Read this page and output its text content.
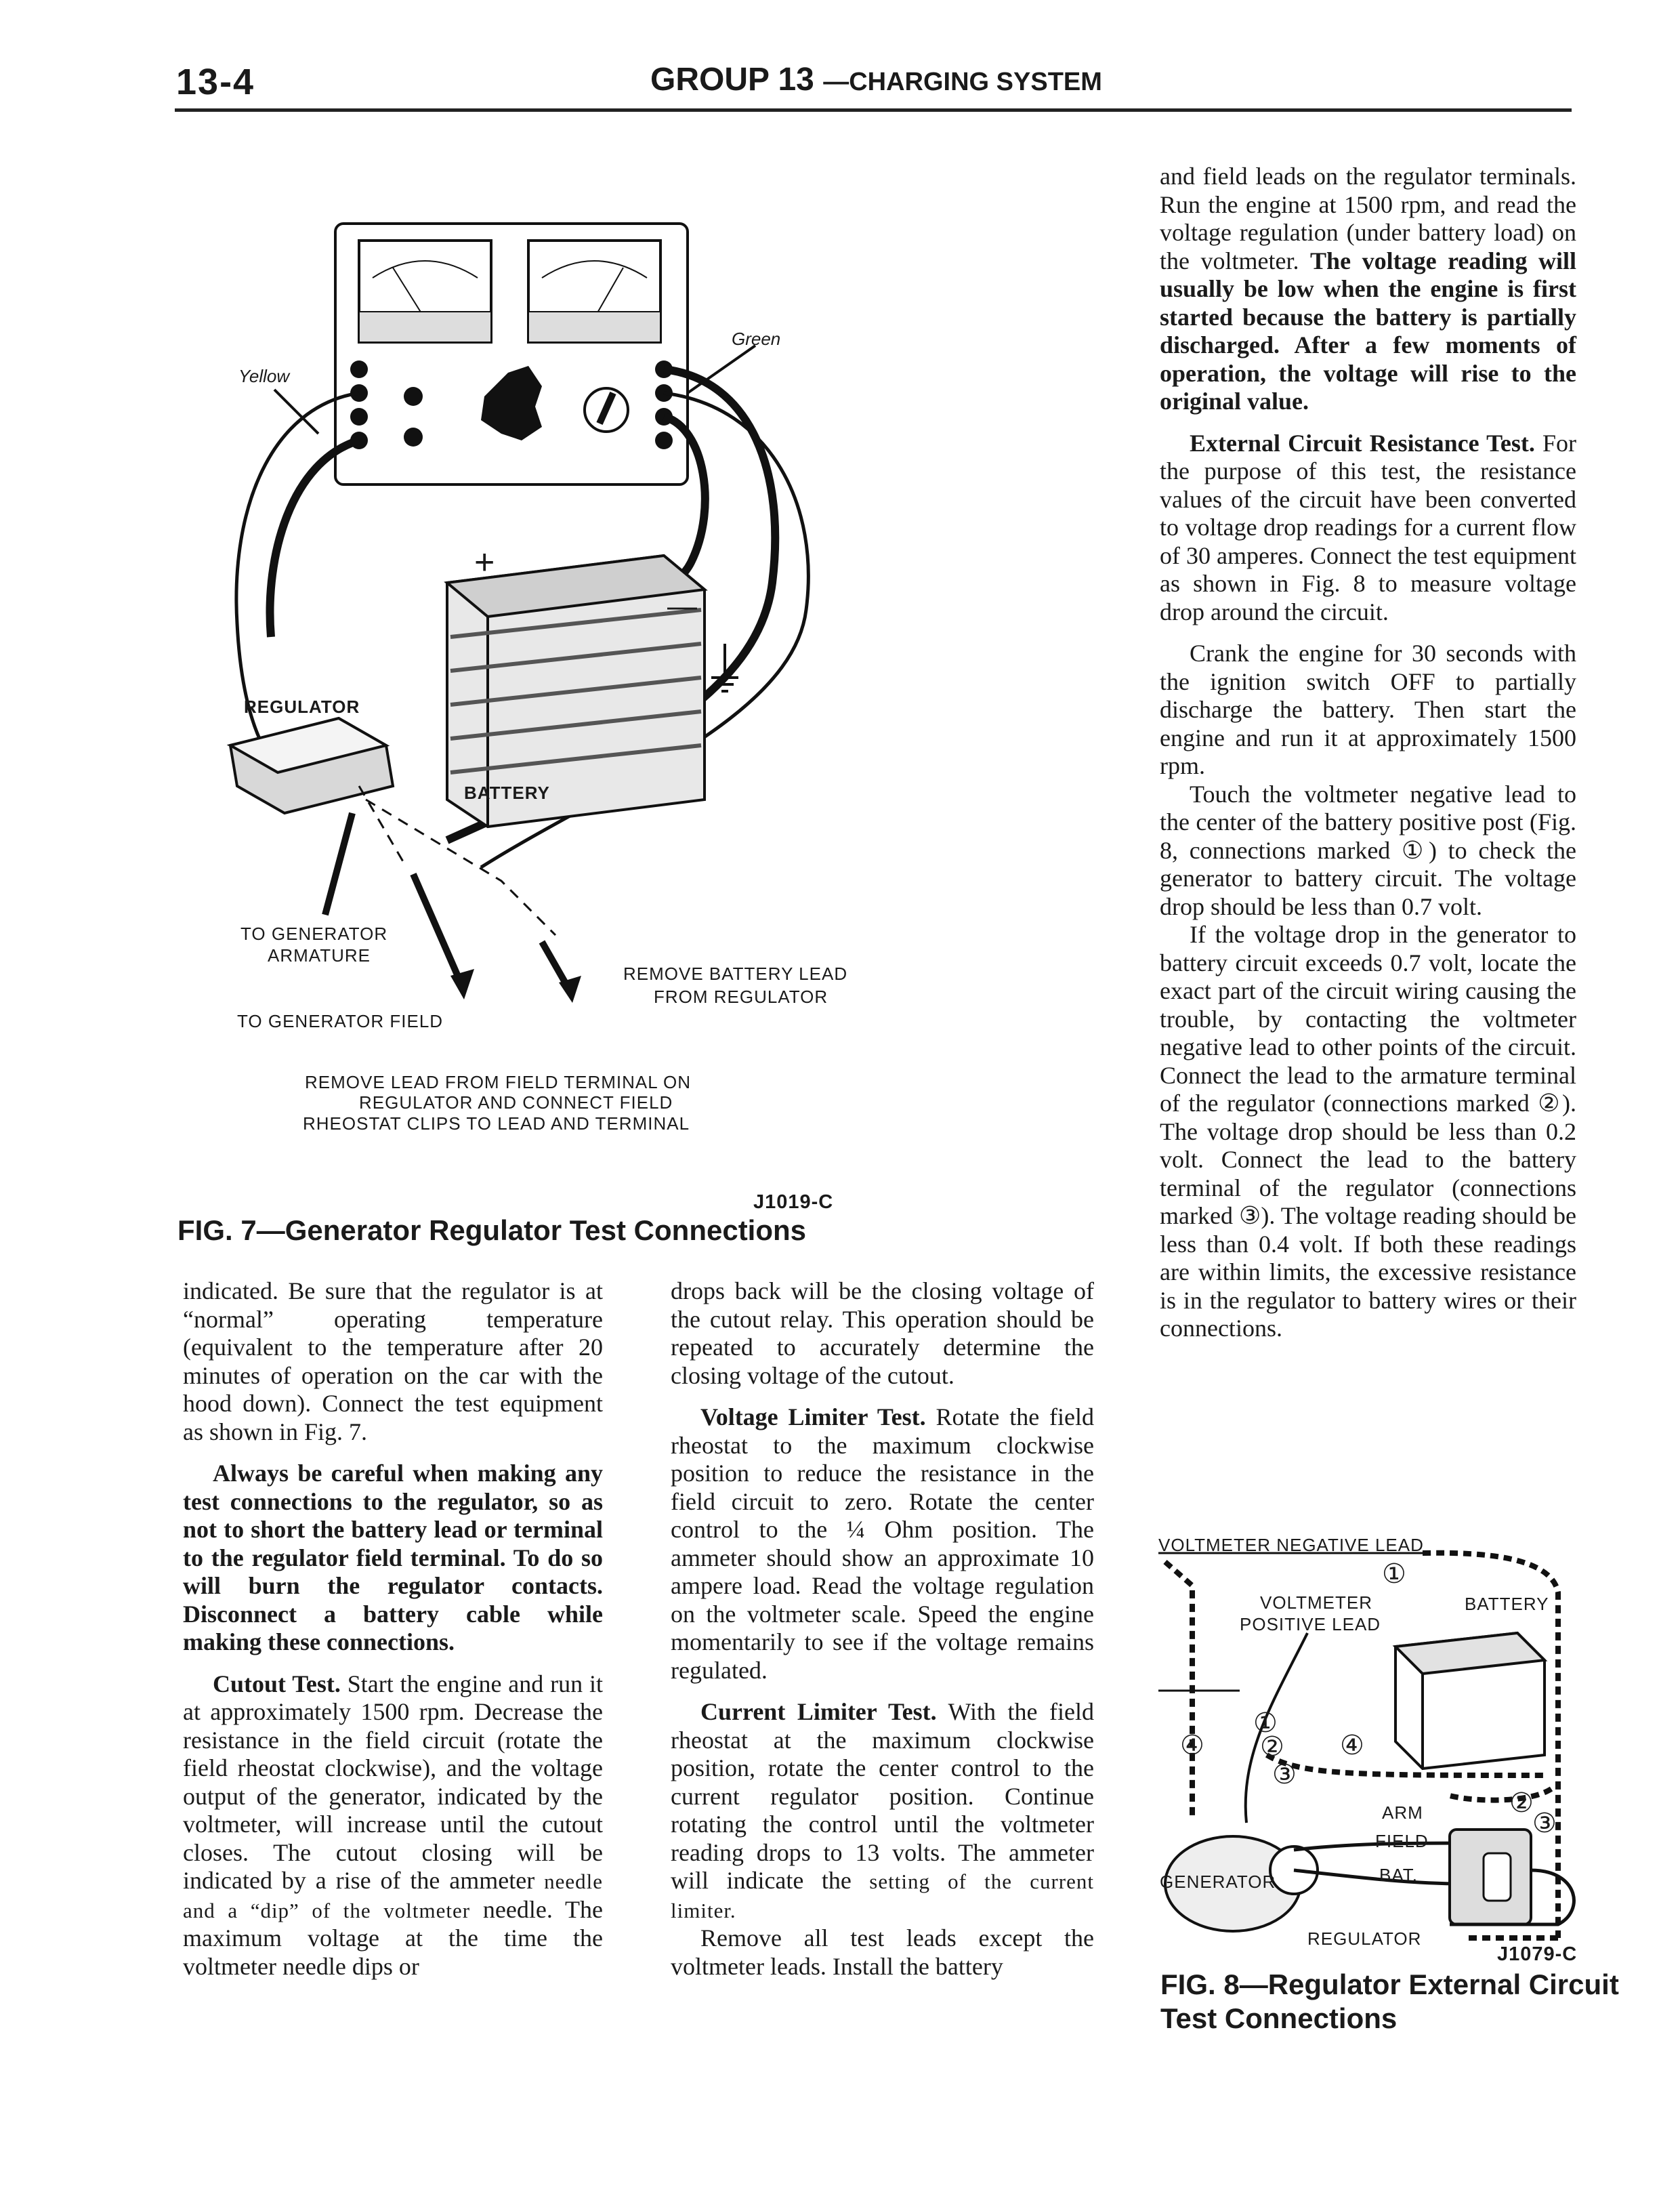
13-4	GROUP 13 —CHARGING SYSTEM
Yellow
Green
+
—
REGULATOR
BATTERY
TO GENERATOR
ARMATURE
TO GENERATOR FIELD
REMOVE BATTERY LEAD
FROM REGULATOR
REMOVE LEAD FROM FIELD TERMINAL ON
REGULATOR AND CONNECT FIELD
RHEOSTAT CLIPS TO LEAD AND TERMINAL
J1019-C
FIG. 7—Generator Regulator Test Connections

and field leads on the regulator terminals. Run the engine at 1500 rpm, and read the voltage regulation (under battery load) on the voltmeter. The voltage reading will usually be low when the engine is first started because the battery is partially discharged. After a few moments of operation, the voltage will rise to the original value.

External Circuit Resistance Test. For the purpose of this test, the resistance values of the circuit have been converted to voltage drop readings for a current flow of 30 amperes. Connect the test equipment as shown in Fig. 8 to measure voltage drop around the circuit.

Crank the engine for 30 seconds with the ignition switch OFF to partially discharge the battery. Then start the engine and run it at approximately 1500 rpm.

Touch the voltmeter negative lead to the center of the battery positive post (Fig. 8, connections marked ①) to check the generator to battery circuit. The voltage drop should be less than 0.7 volt.

If the voltage drop in the generator to battery circuit exceeds 0.7 volt, locate the exact part of the circuit wiring causing the trouble, by contacting the voltmeter negative lead to other points of the circuit. Connect the lead to the armature terminal of the regulator (connections marked ②). The voltage drop should be less than 0.2 volt. Connect the lead to the battery terminal of the regulator (connections marked ③). The voltage reading should be less than 0.4 volt. If both these readings are within limits, the excessive resistance is in the regulator to battery wires or their connections.

indicated. Be sure that the regulator is at “normal” operating temperature (equivalent to the temperature after 20 minutes of operation on the car with the hood down). Connect the test equipment as shown in Fig. 7.

Always be careful when making any test connections to the regulator, so as not to short the battery lead or terminal to the regulator field terminal. To do so will burn the regulator contacts. Disconnect a battery cable while making these connections.

Cutout Test. Start the engine and run it at approximately 1500 rpm. Decrease the resistance in the field circuit (rotate the field rheostat clockwise), and the voltage output of the generator, indicated by the voltmeter, will increase until the cutout closes. The cutout closing will be indicated by a rise of the ammeter needle and a “dip” of the voltmeter needle. The maximum voltage at the time the voltmeter needle dips or

drops back will be the closing voltage of the cutout relay. This operation should be repeated to accurately determine the closing voltage of the cutout.

Voltage Limiter Test. Rotate the field rheostat to the maximum clockwise position to reduce the resistance in the field circuit to zero. Rotate the center control to the ¼ Ohm position. The ammeter should show an approximate 10 ampere load. Read the voltage regulation on the voltmeter scale. Speed the engine momentarily to see if the voltage remains regulated.

Current Limiter Test. With the field rheostat at the maximum clockwise position, rotate the center control to the current regulator position. Continue rotating the control until the voltmeter reading drops to 13 volts. The ammeter will indicate the setting of the current limiter.

Remove all test leads except the voltmeter leads. Install the battery

VOLTMETER NEGATIVE LEAD
VOLTMETER
POSITIVE LEAD
BATTERY
ARM
FIELD
BAT.
GENERATOR
REGULATOR
①
①
②
③
④	④
②
③
J1079-C
FIG. 8—Regulator External Circuit
Test Connections
